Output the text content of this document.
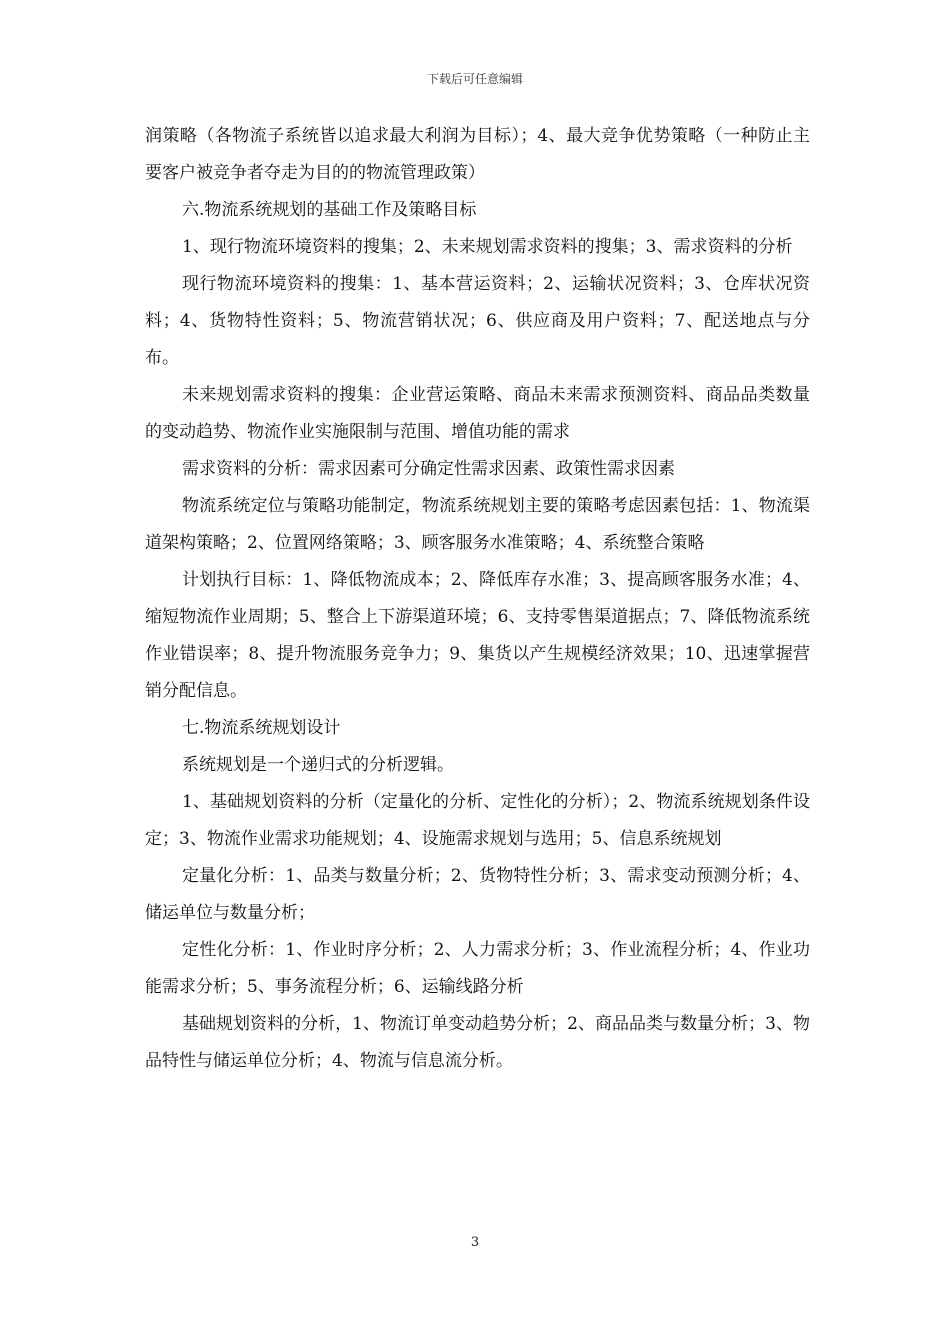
下载后可任意编辑

润策略（各物流子系统皆以追求最大利润为目标）；4、最大竞争优势策略（一种防止主要客户被竞争者夺走为目的的物流管理政策）

六.物流系统规划的基础工作及策略目标

1、现行物流环境资料的搜集；2、未来规划需求资料的搜集；3、需求资料的分析

现行物流环境资料的搜集：1、基本营运资料；2、运输状况资料；3、仓库状况资料；4、货物特性资料；5、物流营销状况；6、供应商及用户资料；7、配送地点与分布。

未来规划需求资料的搜集：企业营运策略、商品未来需求预测资料、商品品类数量的变动趋势、物流作业实施限制与范围、增值功能的需求

需求资料的分析：需求因素可分确定性需求因素、政策性需求因素

物流系统定位与策略功能制定，物流系统规划主要的策略考虑因素包括：1、物流渠道架构策略；2、位置网络策略；3、顾客服务水准策略；4、系统整合策略

计划执行目标：1、降低物流成本；2、降低库存水准；3、提高顾客服务水准；4、缩短物流作业周期；5、整合上下游渠道环境；6、支持零售渠道据点；7、降低物流系统作业错误率；8、提升物流服务竞争力；9、集货以产生规模经济效果；10、迅速掌握营销分配信息。

七.物流系统规划设计

系统规划是一个递归式的分析逻辑。

1、基础规划资料的分析（定量化的分析、定性化的分析）；2、物流系统规划条件设定；3、物流作业需求功能规划；4、设施需求规划与选用；5、信息系统规划

定量化分析：1、品类与数量分析；2、货物特性分析；3、需求变动预测分析；4、储运单位与数量分析；

定性化分析：1、作业时序分析；2、人力需求分析；3、作业流程分析；4、作业功能需求分析；5、事务流程分析；6、运输线路分析

基础规划资料的分析，1、物流订单变动趋势分析；2、商品品类与数量分析；3、物品特性与储运单位分析；4、物流与信息流分析。

3
